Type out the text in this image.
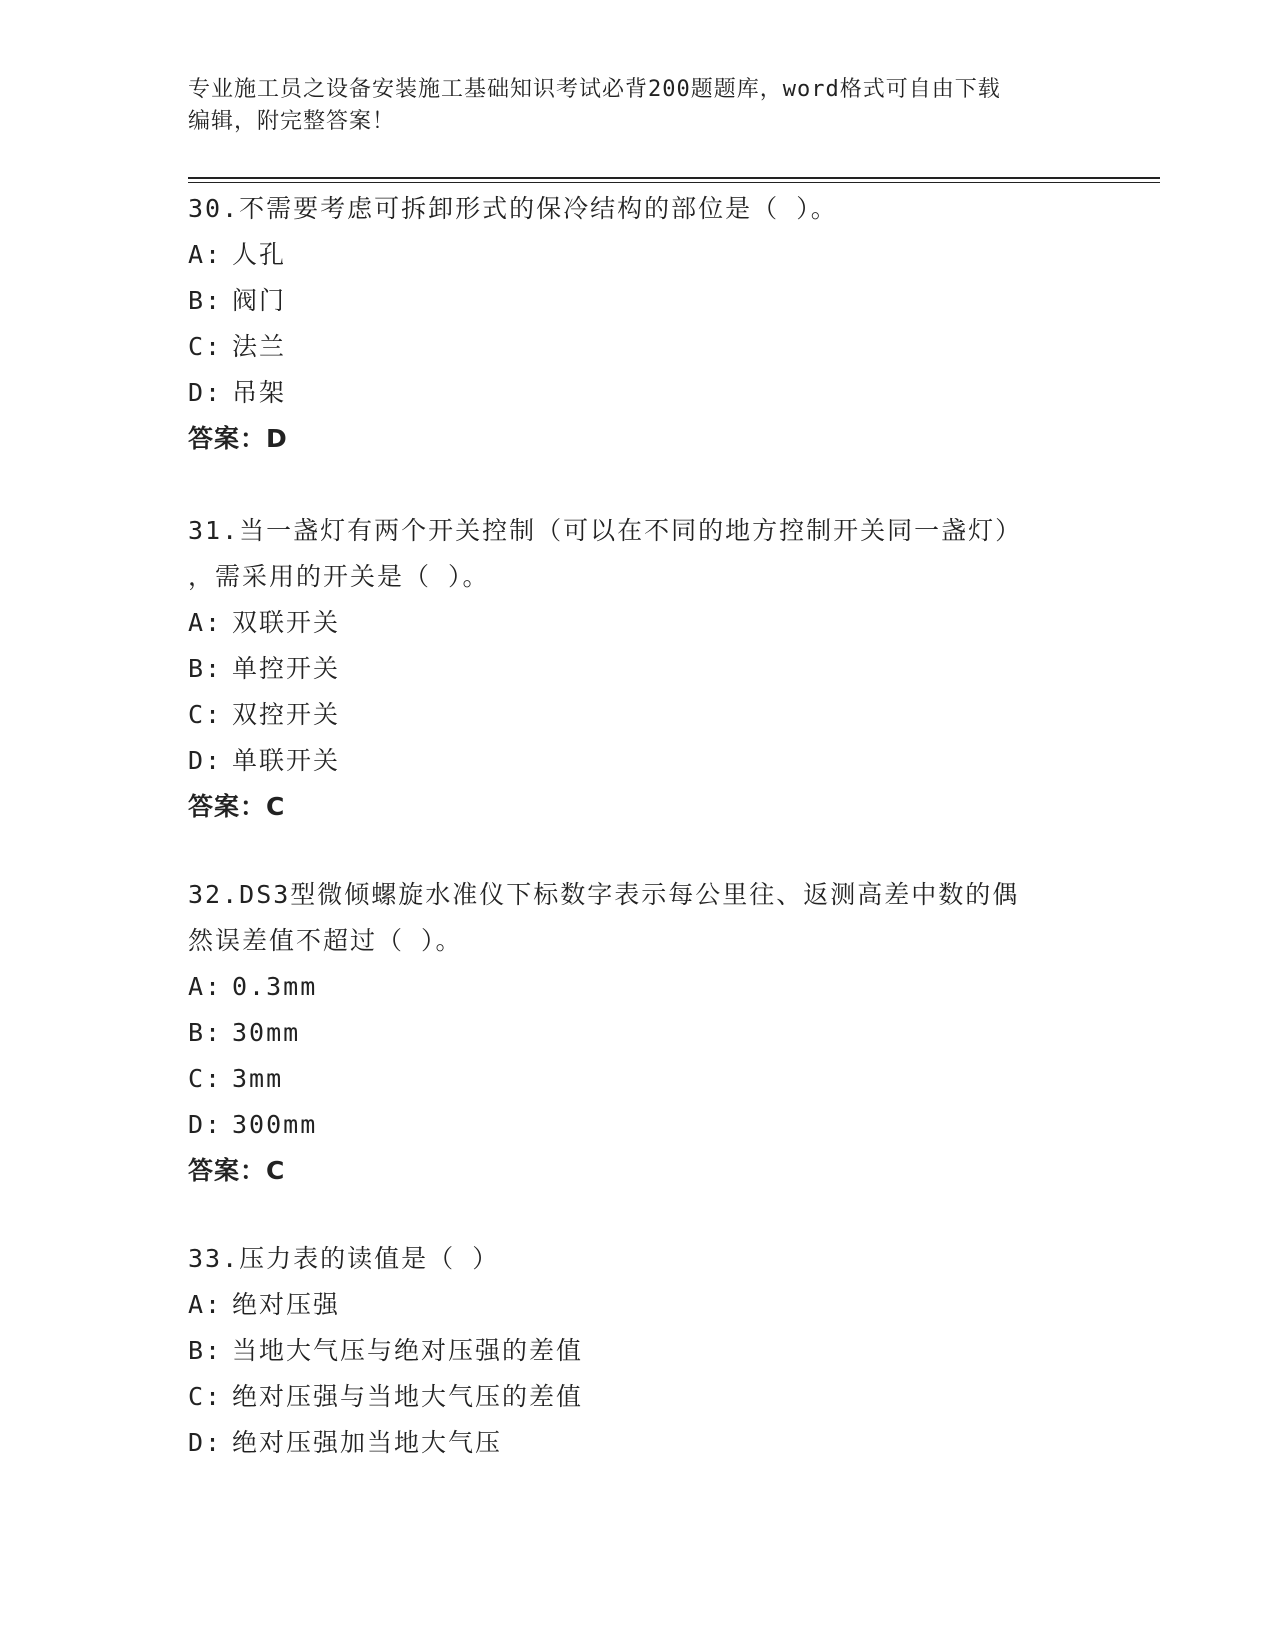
专业施工员之设备安装施工基础知识考试必背200题题库，word格式可自由下载
编辑，附完整答案！

30.不需要考虑可拆卸形式的保冷结构的部位是（ ）。

A: 人孔

B: 阀门

C: 法兰

D: 吊架

答案：D

31.当一盏灯有两个开关控制（可以在不同的地方控制开关同一盏灯）

，需采用的开关是（ ）。

A: 双联开关

B: 单控开关

C: 双控开关

D: 单联开关

答案：C

32.DS3型微倾螺旋水准仪下标数字表示每公里往、返测高差中数的偶

然误差值不超过（ ）。

A: 0.3mm

B: 30mm

C: 3mm

D: 300mm

答案：C

33.压力表的读值是（ ）

A: 绝对压强

B: 当地大气压与绝对压强的差值

C: 绝对压强与当地大气压的差值

D: 绝对压强加当地大气压
